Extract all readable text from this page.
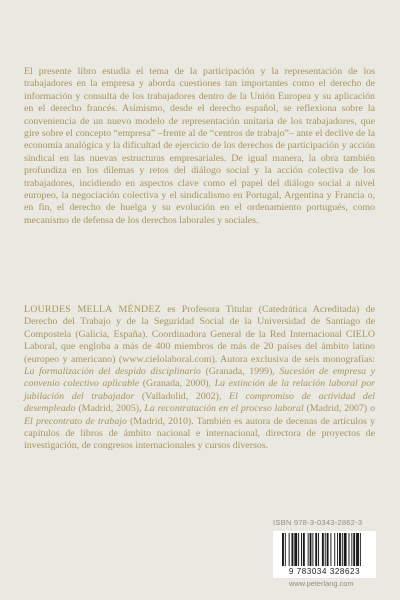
El presente libro estudia el tema de la participación y la representación de los trabajadores en la empresa y aborda cuestiones tan importantes como el derecho de información y consulta de los trabajadores dentro de la Unión Europea y su aplicación en el derecho francés. Asimismo, desde el derecho español, se reflexiona sobre la conveniencia de un nuevo modelo de representación unitaria de los trabajadores, que gire sobre el concepto “empresa” –frente al de “centros de trabajo”– ante el declive de la economía analógica y la dificultad de ejercicio de los derechos de participación y acción sindical en las nuevas estructuras empresariales. De igual manera, la obra también profundiza en los dilemas y retos del diálogo social y la acción colectiva de los trabajadores, incidiendo en aspectos clave como el papel del diálogo social a nivel europeo, la negociación colectiva y el sindicalismo en Portugal, Argentina y Francia o, en fin, el derecho de huelga y su evolución en el ordenamiento portugués, como mecanismo de defensa de los derechos laborales y sociales.

LOURDES MELLA MÉNDEZ es Profesora Titular (Catedrática Acreditada) de Derecho del Trabajo y de la Seguridad Social de la Universidad de Santiago de Compostela (Galicia, España). Coordinadora General de la Red Internacional CIELO Laboral, que engloba a más de 400 miembros de más de 20 países del ámbito latino (europeo y americano) (www.cielolaboral.com). Autora exclusiva de seis monografías: La formalización del despido disciplinario (Granada, 1999), Sucesión de empresa y convenio colectivo aplicable (Granada, 2000), La extinción de la relación laboral por jubilación del trabajador (Valladolid, 2002), El compromiso de actividad del desempleado (Madrid, 2005), La recontratación en el proceso laboral (Madrid, 2007) o El precontrato de trabajo (Madrid, 2010). También es autora de decenas de artículos y capítulos de libros de ámbito nacional e internacional, directora de proyectos de investigación, de congresos internacionales y cursos diversos.

ISBN 978-3-0343-2862-3
9 783034 328623
www.peterlang.com
